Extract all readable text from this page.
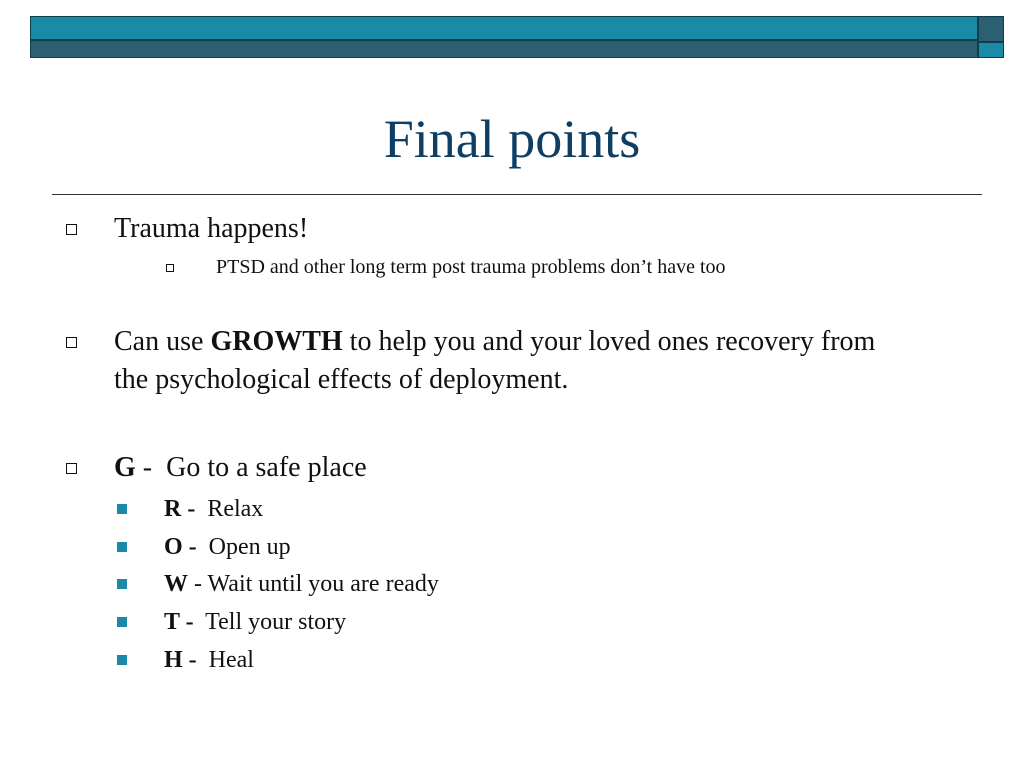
Final points
Trauma happens!
PTSD and other long term post trauma problems don’t have too
Can use GROWTH to help you and your loved ones recovery from the psychological effects of deployment.
G -  Go to a safe place
R -  Relax
O -  Open up
W - Wait until you are ready
T -  Tell your story
H -  Heal
